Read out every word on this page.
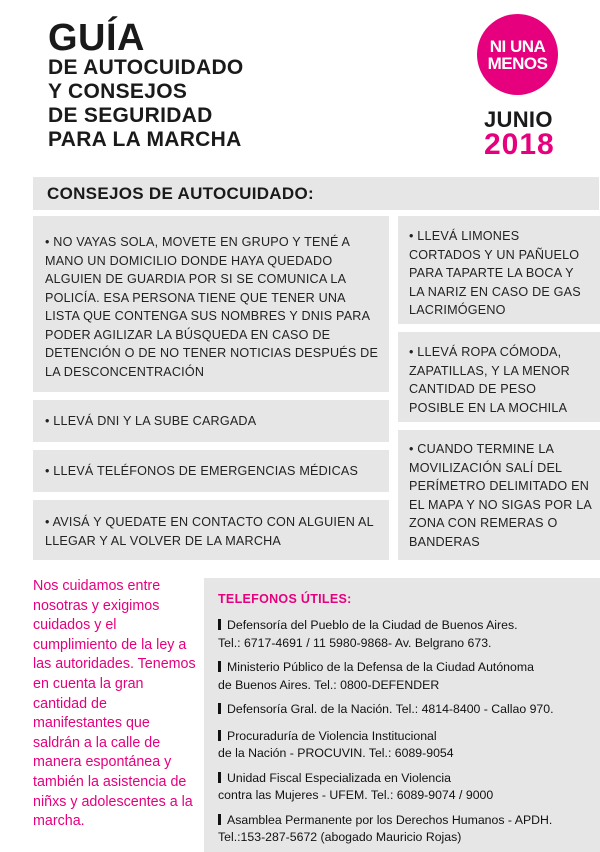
GUÍA
DE AUTOCUIDADO
Y CONSEJOS
DE SEGURIDAD
PARA LA MARCHA
NI UNA
MENOS
JUNIO
2018
CONSEJOS DE AUTOCUIDADO:
• NO VAYAS SOLA, MOVETE EN GRUPO Y TENÉ A MANO UN DOMICILIO DONDE HAYA QUEDADO ALGUIEN DE GUARDIA POR SI SE COMUNICA LA POLICÍA. ESA PERSONA TIENE QUE TENER UNA LISTA QUE CONTENGA SUS NOMBRES Y DNIS PARA PODER AGILIZAR LA BÚSQUEDA EN CASO DE DETENCIÓN O DE NO TENER NOTICIAS DESPUÉS DE LA DESCONCENTRACIÓN
• LLEVÁ DNI Y LA SUBE CARGADA
• LLEVÁ TELÉFONOS DE EMERGENCIAS MÉDICAS
• AVISÁ Y QUEDATE EN CONTACTO CON ALGUIEN AL LLEGAR Y AL VOLVER DE LA MARCHA
• LLEVÁ LIMONES CORTADOS Y UN PAÑUELO PARA TAPARTE LA BOCA Y LA NARIZ EN CASO DE GAS LACRIMÓGENO
• LLEVÁ ROPA CÓMODA, ZAPATILLAS, Y LA MENOR CANTIDAD DE PESO POSIBLE EN LA MOCHILA
• CUANDO TERMINE LA MOVILIZACIÓN SALÍ DEL PERÍMETRO DELIMITADO EN EL MAPA Y NO SIGAS POR LA ZONA CON REMERAS O BANDERAS
Nos cuidamos entre nosotras y exigimos cuidados y el cumplimiento de la ley a las autoridades. Tenemos en cuenta la gran cantidad de manifestantes que saldrán a la calle de manera espontánea y también la asistencia de niñxs y adolescentes a la marcha.
TELEFONOS ÚTILES:
Defensoría del Pueblo de la Ciudad de Buenos Aires.
Tel.: 6717-4691 / 11 5980-9868- Av. Belgrano 673.
Ministerio Público de la Defensa de la Ciudad Autónoma
de Buenos Aires. Tel.: 0800-DEFENDER
Defensoría Gral. de la Nación. Tel.: 4814-8400 - Callao 970.
Procuraduría de Violencia Institucional
de la Nación - PROCUVIN. Tel.: 6089-9054
Unidad Fiscal Especializada en Violencia
contra las Mujeres - UFEM. Tel.: 6089-9074 / 9000
Asamblea Permanente por los Derechos Humanos - APDH.
Tel.:153-287-5672 (abogado Mauricio Rojas)
